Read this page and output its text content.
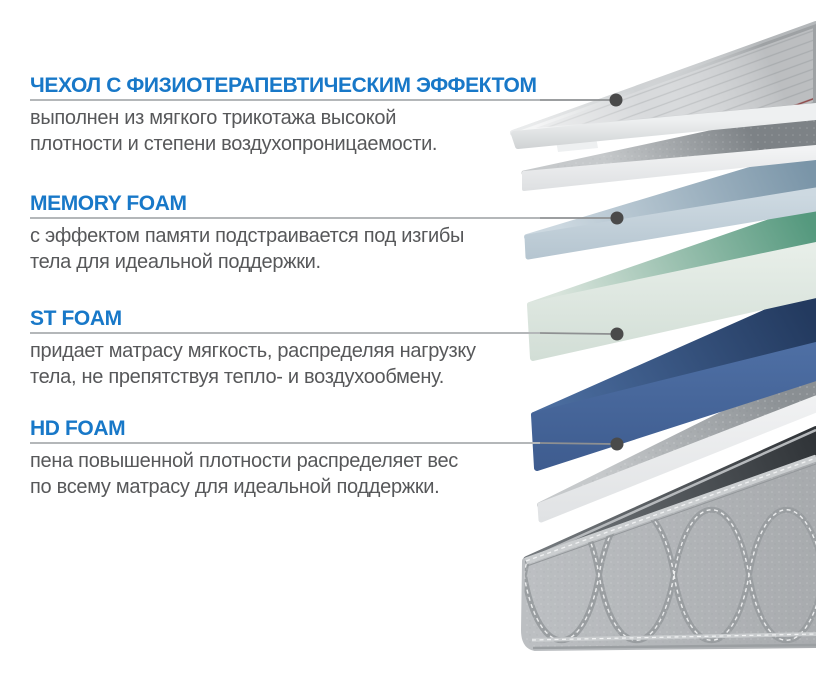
ЧЕХОЛ С ФИЗИОТЕРАПЕВТИЧЕСКИМ ЭФФЕКТОМ
выполнен из мягкого трикотажа высокой
плотности и степени воздухопроницаемости.
MEMORY FOAM
с эффектом памяти подстраивается под изгибы
тела для идеальной поддержки.
ST FOAM
придает матрасу мягкость, распределяя нагрузку
тела, не препятствуя тепло- и воздухообмену.
HD FOAM
пена повышенной плотности распределяет вес
по всему матрасу для идеальной поддержки.
